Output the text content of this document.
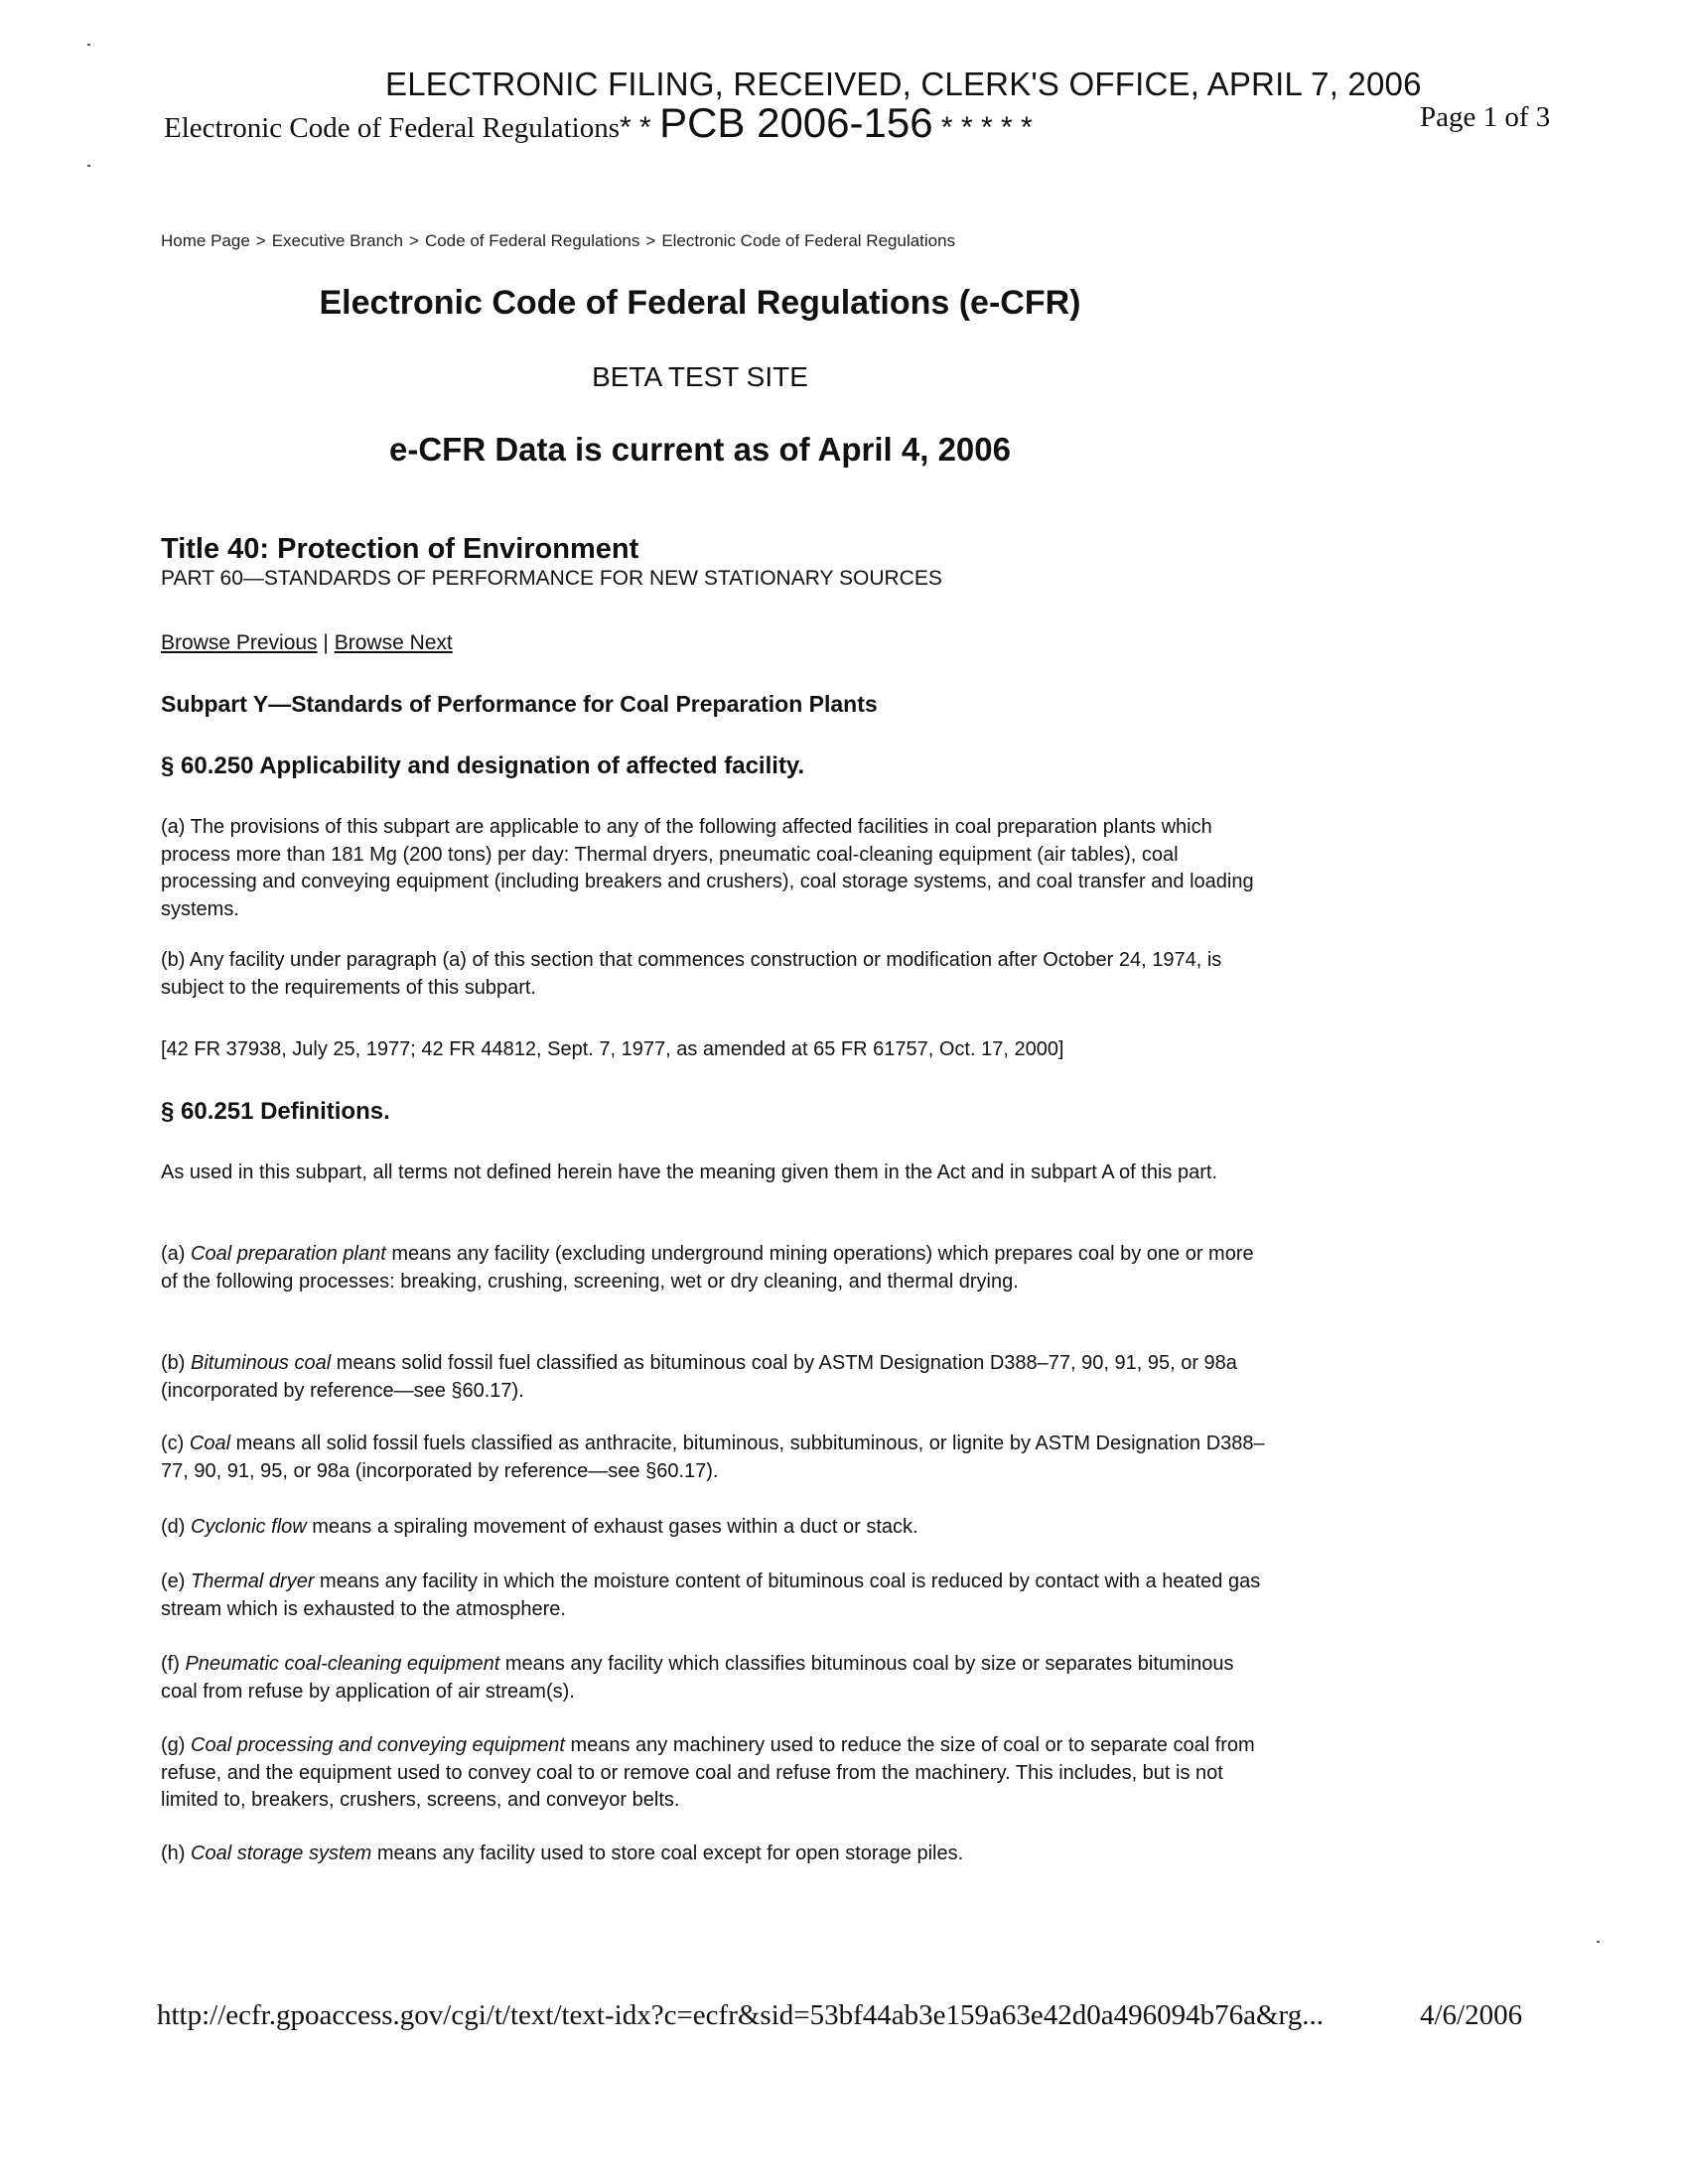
ELECTRONIC FILING, RECEIVED, CLERK'S OFFICE, APRIL 7, 2006
Electronic Code of Federal Regulations* * PCB 2006-156 * * * * *	Page 1 of 3
Home Page > Executive Branch > Code of Federal Regulations > Electronic Code of Federal Regulations
Electronic Code of Federal Regulations (e-CFR)
BETA TEST SITE
e-CFR Data is current as of April 4, 2006
Title 40: Protection of Environment
PART 60—STANDARDS OF PERFORMANCE FOR NEW STATIONARY SOURCES
Browse Previous | Browse Next
Subpart Y—Standards of Performance for Coal Preparation Plants
§ 60.250 Applicability and designation of affected facility.
(a) The provisions of this subpart are applicable to any of the following affected facilities in coal preparation plants which process more than 181 Mg (200 tons) per day: Thermal dryers, pneumatic coal-cleaning equipment (air tables), coal processing and conveying equipment (including breakers and crushers), coal storage systems, and coal transfer and loading systems.
(b) Any facility under paragraph (a) of this section that commences construction or modification after October 24, 1974, is subject to the requirements of this subpart.
[42 FR 37938, July 25, 1977; 42 FR 44812, Sept. 7, 1977, as amended at 65 FR 61757, Oct. 17, 2000]
§ 60.251 Definitions.
As used in this subpart, all terms not defined herein have the meaning given them in the Act and in subpart A of this part.
(a) Coal preparation plant means any facility (excluding underground mining operations) which prepares coal by one or more of the following processes: breaking, crushing, screening, wet or dry cleaning, and thermal drying.
(b) Bituminous coal means solid fossil fuel classified as bituminous coal by ASTM Designation D388–77, 90, 91, 95, or 98a (incorporated by reference—see §60.17).
(c) Coal means all solid fossil fuels classified as anthracite, bituminous, subbituminous, or lignite by ASTM Designation D388–77, 90, 91, 95, or 98a (incorporated by reference—see §60.17).
(d) Cyclonic flow means a spiraling movement of exhaust gases within a duct or stack.
(e) Thermal dryer means any facility in which the moisture content of bituminous coal is reduced by contact with a heated gas stream which is exhausted to the atmosphere.
(f) Pneumatic coal-cleaning equipment means any facility which classifies bituminous coal by size or separates bituminous coal from refuse by application of air stream(s).
(g) Coal processing and conveying equipment means any machinery used to reduce the size of coal or to separate coal from refuse, and the equipment used to convey coal to or remove coal and refuse from the machinery. This includes, but is not limited to, breakers, crushers, screens, and conveyor belts.
(h) Coal storage system means any facility used to store coal except for open storage piles.
http://ecfr.gpoaccess.gov/cgi/t/text/text-idx?c=ecfr&sid=53bf44ab3e159a63e42d0a496094b76a&rg...	4/6/2006
